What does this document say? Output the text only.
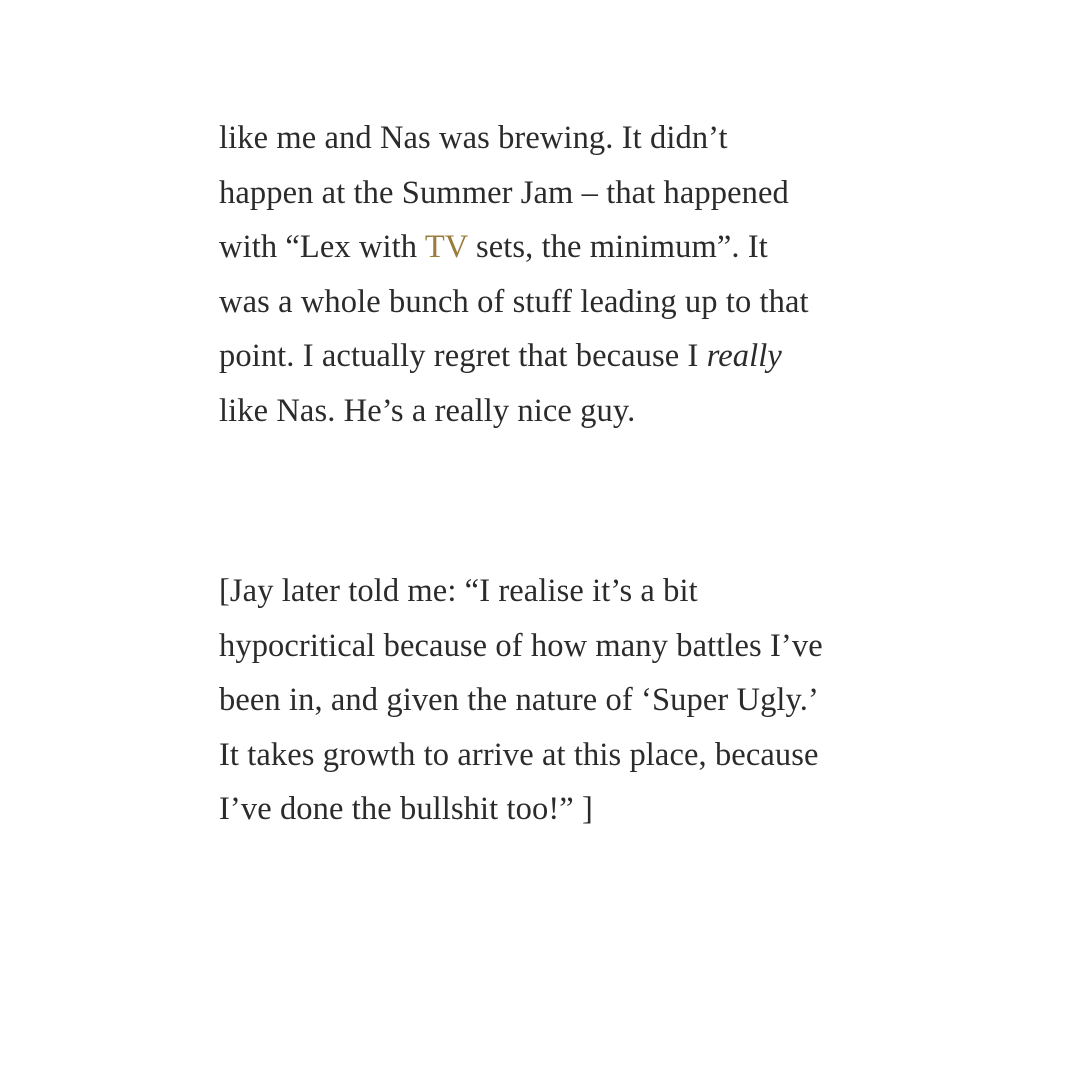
like me and Nas was brewing. It didn’t
happen at the Summer Jam – that happened
with “Lex with TV sets, the minimum”. It
was a whole bunch of stuff leading up to that
point. I actually regret that because I really
like Nas. He’s a really nice guy.

[Jay later told me: “I realise it’s a bit
hypocritical because of how many battles I’ve
been in, and given the nature of ‘Super Ugly.’
It takes growth to arrive at this place, because
I’ve done the bullshit too!” ]
